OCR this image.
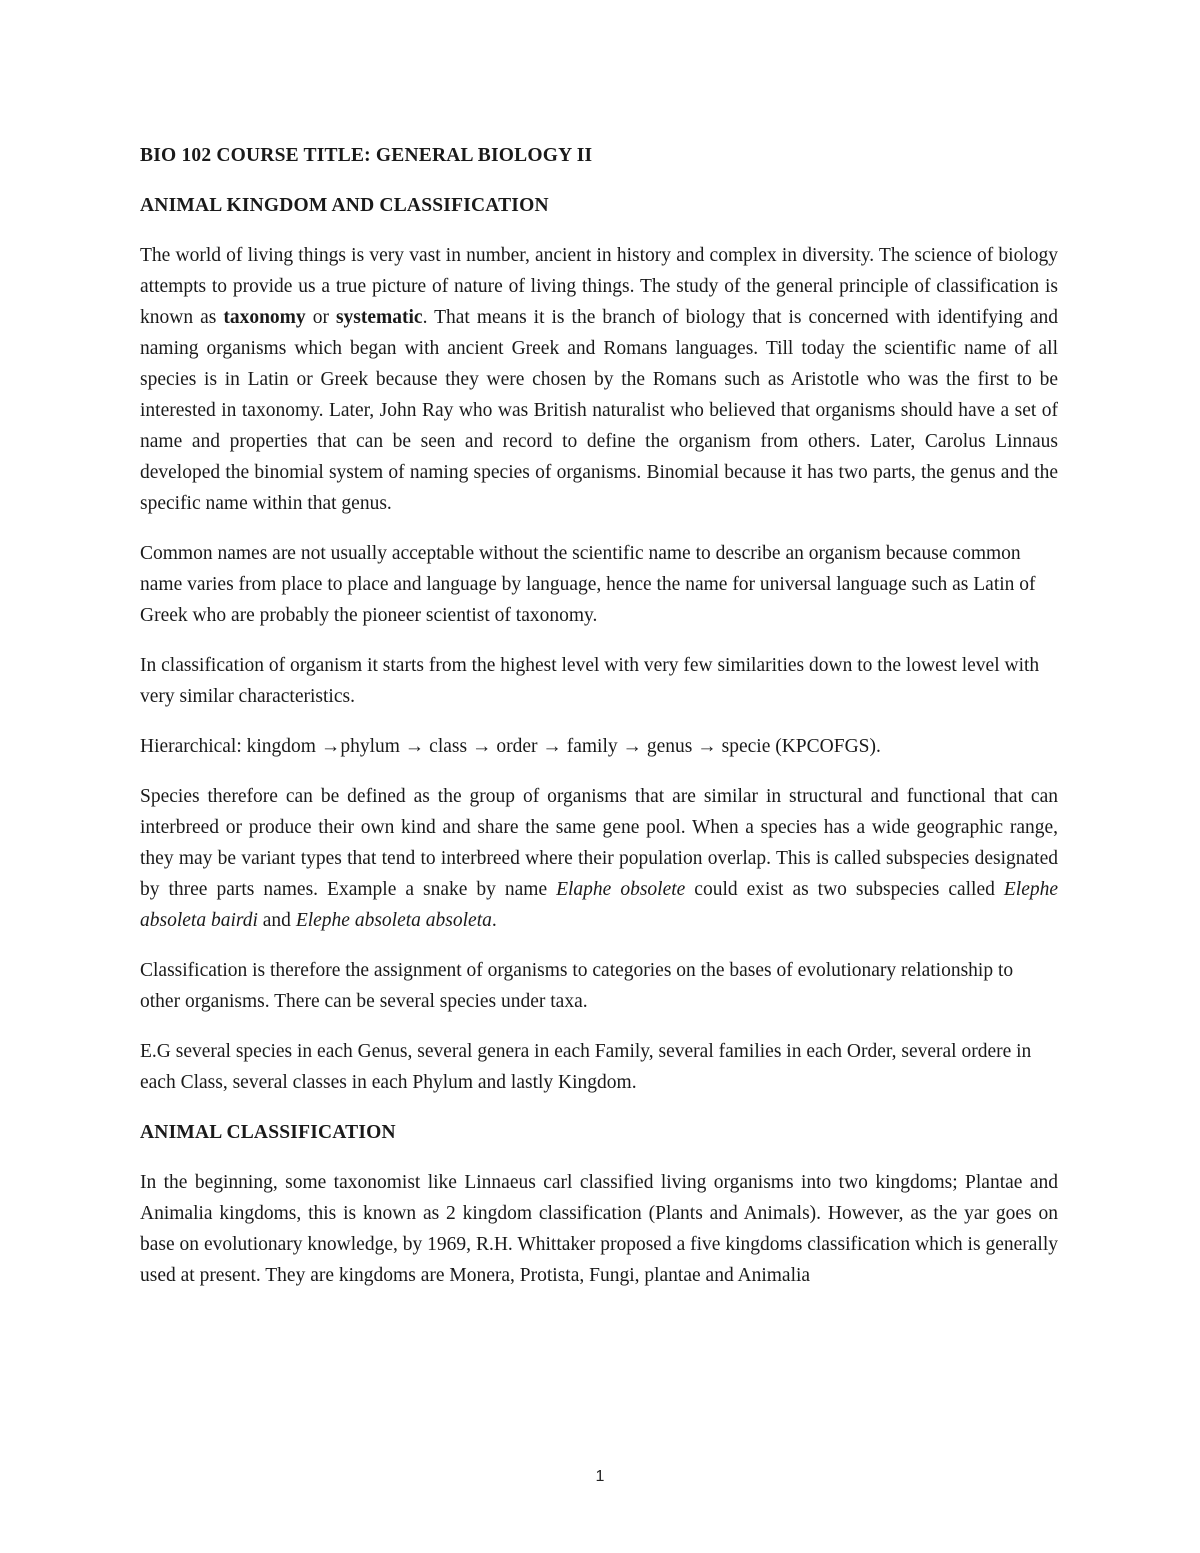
BIO 102 COURSE TITLE: GENERAL BIOLOGY II
ANIMAL KINGDOM AND CLASSIFICATION

The world of living things is very vast in number, ancient in history and complex in diversity. The science of biology attempts to provide us a true picture of nature of living things. The study of the general principle of classification is known as taxonomy or systematic. That means it is the branch of biology that is concerned with identifying and naming organisms which began with ancient Greek and Romans languages. Till today the scientific name of all species is in Latin or Greek because they were chosen by the Romans such as Aristotle who was the first to be interested in taxonomy. Later, John Ray who was British naturalist who believed that organisms should have a set of name and properties that can be seen and record to define the organism from others. Later, Carolus Linnaus developed the binomial system of naming species of organisms. Binomial because it has two parts, the genus and the specific name within that genus.

Common names are not usually acceptable without the scientific name to describe an organism because common name varies from place to place and language by language, hence the name for universal language such as Latin of Greek who are probably the pioneer scientist of taxonomy.

In classification of organism it starts from the highest level with very few similarities down to the lowest level with very similar characteristics.

Hierarchical: kingdom →phylum → class → order → family → genus → specie (KPCOFGS).

Species therefore can be defined as the group of organisms that are similar in structural and functional that can interbreed or produce their own kind and share the same gene pool. When a species has a wide geographic range, they may be variant types that tend to interbreed where their population overlap. This is called subspecies designated by three parts names. Example a snake by name Elaphe obsolete could exist as two subspecies called Elephe absoleta bairdi and Elephe absoleta absoleta.

Classification is therefore the assignment of organisms to categories on the bases of evolutionary relationship to other organisms. There can be several species under taxa.

E.G several species in each Genus, several genera in each Family, several families in each Order, several ordere in each Class, several classes in each Phylum and lastly Kingdom.

ANIMAL CLASSIFICATION

In the beginning, some taxonomist like Linnaeus carl classified living organisms into two kingdoms; Plantae and Animalia kingdoms, this is known as 2 kingdom classification (Plants and Animals). However, as the yar goes on base on evolutionary knowledge, by 1969, R.H. Whittaker proposed a five kingdoms classification which is generally used at present. They are kingdoms are Monera, Protista, Fungi, plantae and Animalia

1
